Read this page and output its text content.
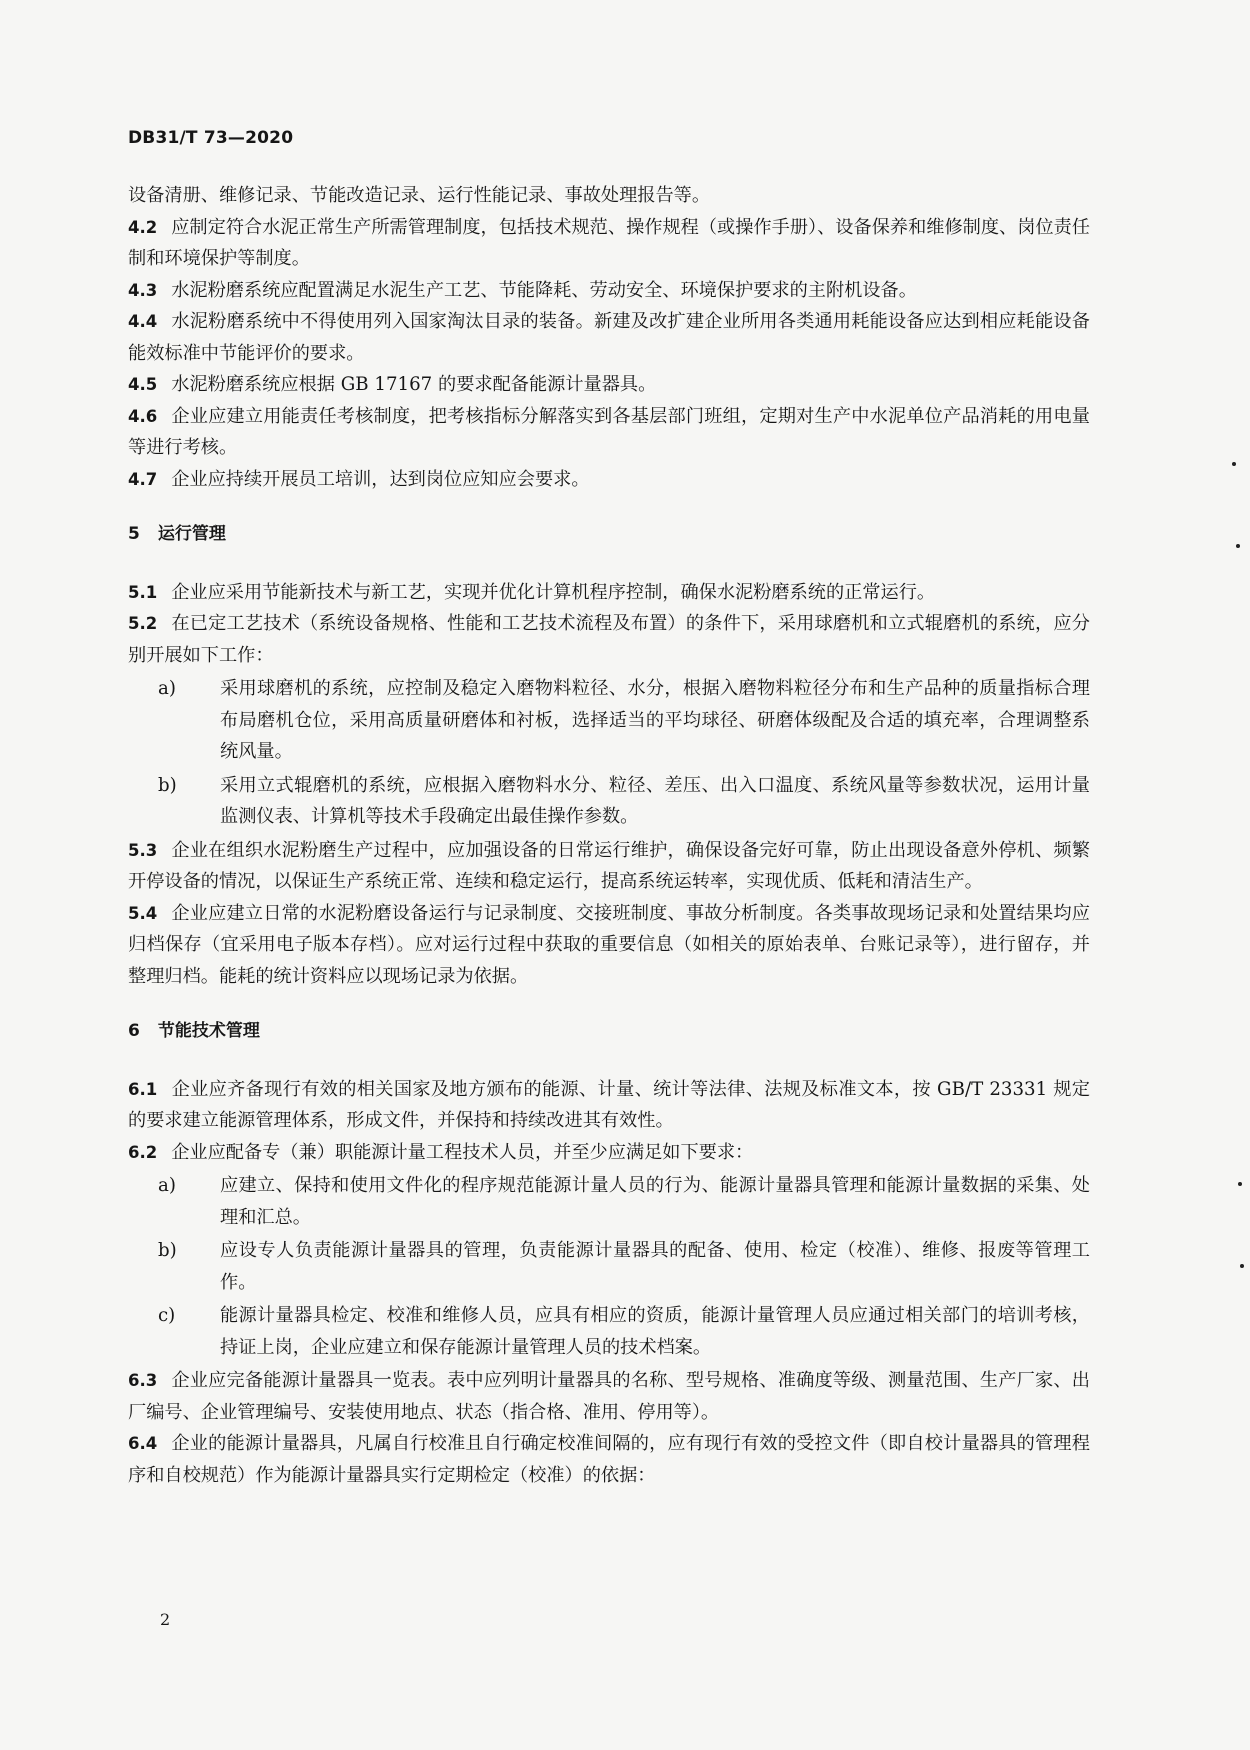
DB31/T 73—2020

设备清册、维修记录、节能改造记录、运行性能记录、事故处理报告等。

4.2 应制定符合水泥正常生产所需管理制度，包括技术规范、操作规程（或操作手册）、设备保养和维修制度、岗位责任制和环境保护等制度。

4.3 水泥粉磨系统应配置满足水泥生产工艺、节能降耗、劳动安全、环境保护要求的主附机设备。

4.4 水泥粉磨系统中不得使用列入国家淘汰目录的装备。新建及改扩建企业所用各类通用耗能设备应达到相应耗能设备能效标准中节能评价的要求。

4.5 水泥粉磨系统应根据 GB 17167 的要求配备能源计量器具。

4.6 企业应建立用能责任考核制度，把考核指标分解落实到各基层部门班组，定期对生产中水泥单位产品消耗的用电量等进行考核。

4.7 企业应持续开展员工培训，达到岗位应知应会要求。

5 运行管理

5.1 企业应采用节能新技术与新工艺，实现并优化计算机程序控制，确保水泥粉磨系统的正常运行。

5.2 在已定工艺技术（系统设备规格、性能和工艺技术流程及布置）的条件下，采用球磨机和立式辊磨机的系统，应分别开展如下工作：

a) 采用球磨机的系统，应控制及稳定入磨物料粒径、水分，根据入磨物料粒径分布和生产品种的质量指标合理布局磨机仓位，采用高质量研磨体和衬板，选择适当的平均球径、研磨体级配及合适的填充率，合理调整系统风量。
b) 采用立式辊磨机的系统，应根据入磨物料水分、粒径、差压、出入口温度、系统风量等参数状况，运用计量监测仪表、计算机等技术手段确定出最佳操作参数。

5.3 企业在组织水泥粉磨生产过程中，应加强设备的日常运行维护，确保设备完好可靠，防止出现设备意外停机、频繁开停设备的情况，以保证生产系统正常、连续和稳定运行，提高系统运转率，实现优质、低耗和清洁生产。

5.4 企业应建立日常的水泥粉磨设备运行与记录制度、交接班制度、事故分析制度。各类事故现场记录和处置结果均应归档保存（宜采用电子版本存档）。应对运行过程中获取的重要信息（如相关的原始表单、台账记录等），进行留存，并整理归档。能耗的统计资料应以现场记录为依据。

6 节能技术管理

6.1 企业应齐备现行有效的相关国家及地方颁布的能源、计量、统计等法律、法规及标准文本，按 GB/T 23331 规定的要求建立能源管理体系，形成文件，并保持和持续改进其有效性。

6.2 企业应配备专（兼）职能源计量工程技术人员，并至少应满足如下要求：

a) 应建立、保持和使用文件化的程序规范能源计量人员的行为、能源计量器具管理和能源计量数据的采集、处理和汇总。
b) 应设专人负责能源计量器具的管理，负责能源计量器具的配备、使用、检定（校准）、维修、报废等管理工作。
c) 能源计量器具检定、校准和维修人员，应具有相应的资质，能源计量管理人员应通过相关部门的培训考核，持证上岗，企业应建立和保存能源计量管理人员的技术档案。

6.3 企业应完备能源计量器具一览表。表中应列明计量器具的名称、型号规格、准确度等级、测量范围、生产厂家、出厂编号、企业管理编号、安装使用地点、状态（指合格、准用、停用等）。

6.4 企业的能源计量器具，凡属自行校准且自行确定校准间隔的，应有现行有效的受控文件（即自校计量器具的管理程序和自校规范）作为能源计量器具实行定期检定（校准）的依据：

2
